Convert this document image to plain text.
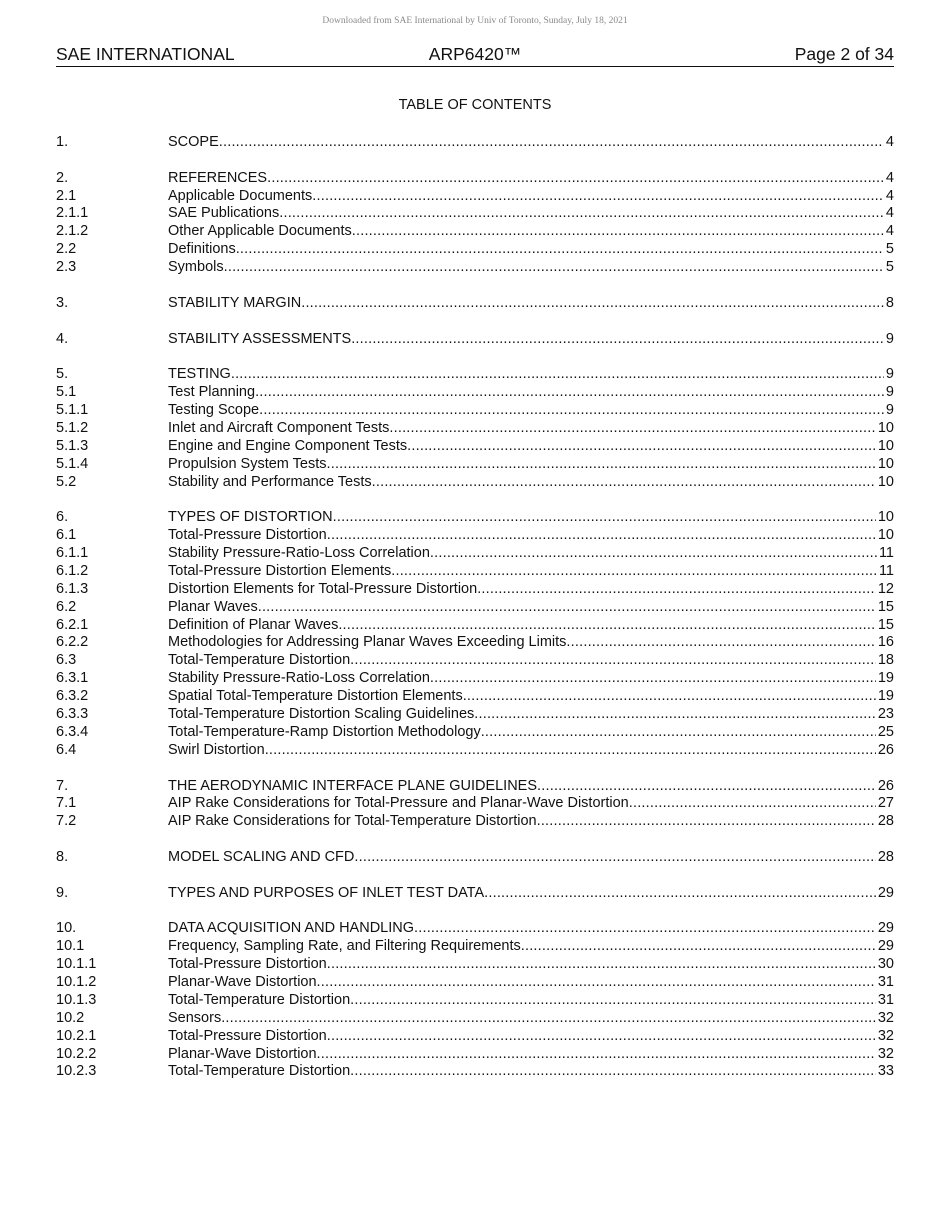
Downloaded from SAE International by Univ of Toronto, Sunday, July 18, 2021
SAE INTERNATIONAL	ARP6420™	Page 2 of 34
TABLE OF CONTENTS
1.	SCOPE .....	4
2.	REFERENCES .....	4
2.1	Applicable Documents .....	4
2.1.1	SAE Publications .....	4
2.1.2	Other Applicable Documents .....	4
2.2	Definitions .....	5
2.3	Symbols .....	5
3.	STABILITY MARGIN .....	8
4.	STABILITY ASSESSMENTS .....	9
5.	TESTING .....	9
5.1	Test Planning .....	9
5.1.1	Testing Scope .....	9
5.1.2	Inlet and Aircraft Component Tests .....	10
5.1.3	Engine and Engine Component Tests .....	10
5.1.4	Propulsion System Tests .....	10
5.2	Stability and Performance Tests .....	10
6.	TYPES OF DISTORTION .....	10
6.1	Total-Pressure Distortion .....	10
6.1.1	Stability Pressure-Ratio-Loss Correlation .....	11
6.1.2	Total-Pressure Distortion Elements .....	11
6.1.3	Distortion Elements for Total-Pressure Distortion .....	12
6.2	Planar Waves .....	15
6.2.1	Definition of Planar Waves .....	15
6.2.2	Methodologies for Addressing Planar Waves Exceeding Limits .....	16
6.3	Total-Temperature Distortion .....	18
6.3.1	Stability Pressure-Ratio-Loss Correlation .....	19
6.3.2	Spatial Total-Temperature Distortion Elements .....	19
6.3.3	Total-Temperature Distortion Scaling Guidelines .....	23
6.3.4	Total-Temperature-Ramp Distortion Methodology .....	25
6.4	Swirl Distortion .....	26
7.	THE AERODYNAMIC INTERFACE PLANE GUIDELINES .....	26
7.1	AIP Rake Considerations for Total-Pressure and Planar-Wave Distortion .....	27
7.2	AIP Rake Considerations for Total-Temperature Distortion .....	28
8.	MODEL SCALING AND CFD .....	28
9.	TYPES AND PURPOSES OF INLET TEST DATA .....	29
10.	DATA ACQUISITION AND HANDLING .....	29
10.1	Frequency, Sampling Rate, and Filtering Requirements .....	29
10.1.1	Total-Pressure Distortion .....	30
10.1.2	Planar-Wave Distortion .....	31
10.1.3	Total-Temperature Distortion .....	31
10.2	Sensors .....	32
10.2.1	Total-Pressure Distortion .....	32
10.2.2	Planar-Wave Distortion .....	32
10.2.3	Total-Temperature Distortion .....	33
